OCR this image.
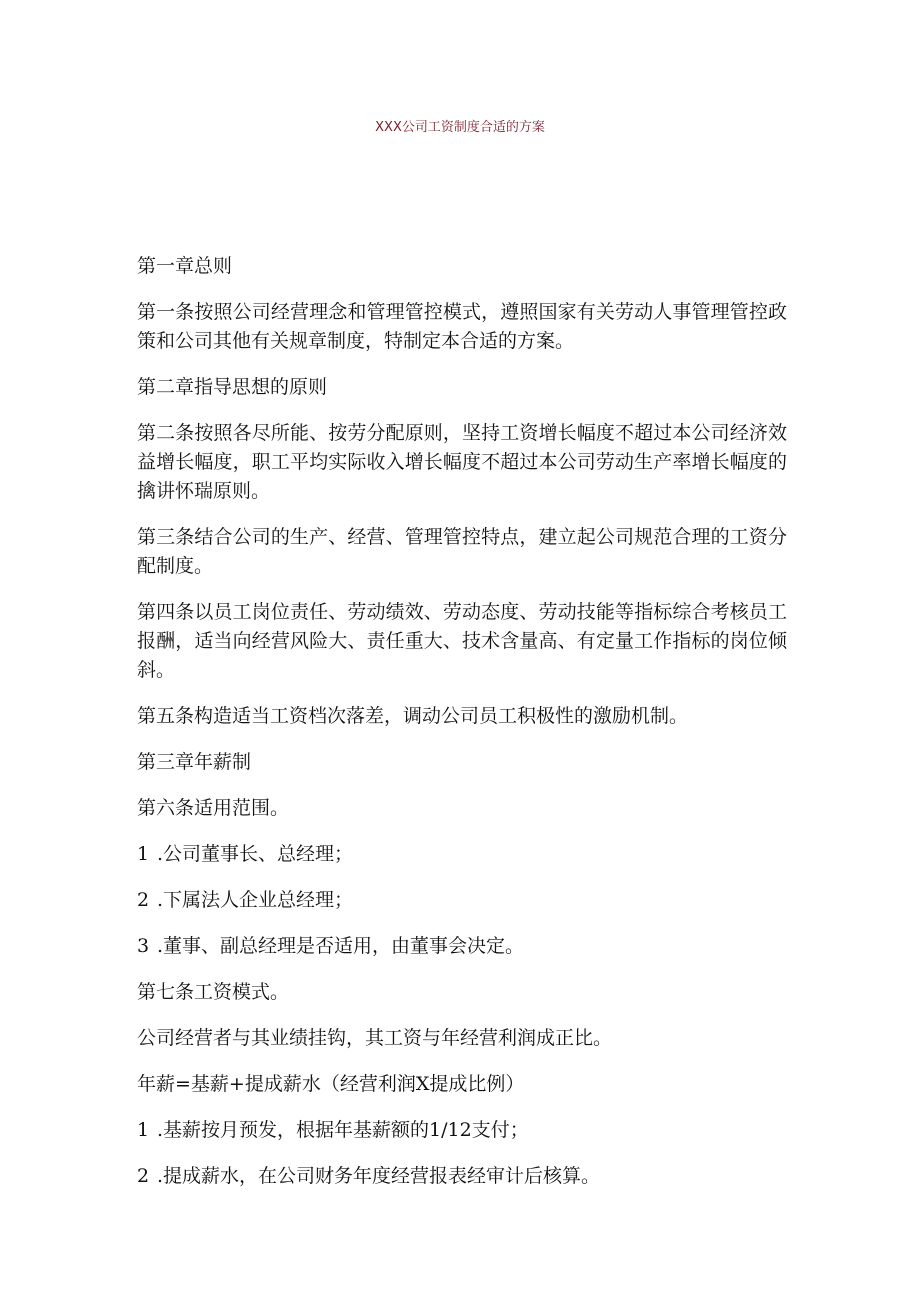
XXX公司工资制度合适的方案

第一章总则

第一条按照公司经营理念和管理管控模式，遵照国家有关劳动人事管理管控政策和公司其他有关规章制度，特制定本合适的方案。

第二章指导思想的原则

第二条按照各尽所能、按劳分配原则，坚持工资增长幅度不超过本公司经济效益增长幅度，职工平均实际收入增长幅度不超过本公司劳动生产率增长幅度的擒讲怀瑞原则。

第三条结合公司的生产、经营、管理管控特点，建立起公司规范合理的工资分配制度。

第四条以员工岗位责任、劳动绩效、劳动态度、劳动技能等指标综合考核员工报酬，适当向经营风险大、责任重大、技术含量高、有定量工作指标的岗位倾斜。

第五条构造适当工资档次落差，调动公司员工积极性的激励机制。

第三章年薪制

第六条适用范围。

1 .公司董事长、总经理；

2 .下属法人企业总经理；

3 .董事、副总经理是否适用，由董事会决定。

第七条工资模式。

公司经营者与其业绩挂钩，其工资与年经营利润成正比。

年薪=基薪+提成薪水（经营利润X提成比例）

1 .基薪按月预发，根据年基薪额的1/12支付；

2 .提成薪水，在公司财务年度经营报表经审计后核算。
